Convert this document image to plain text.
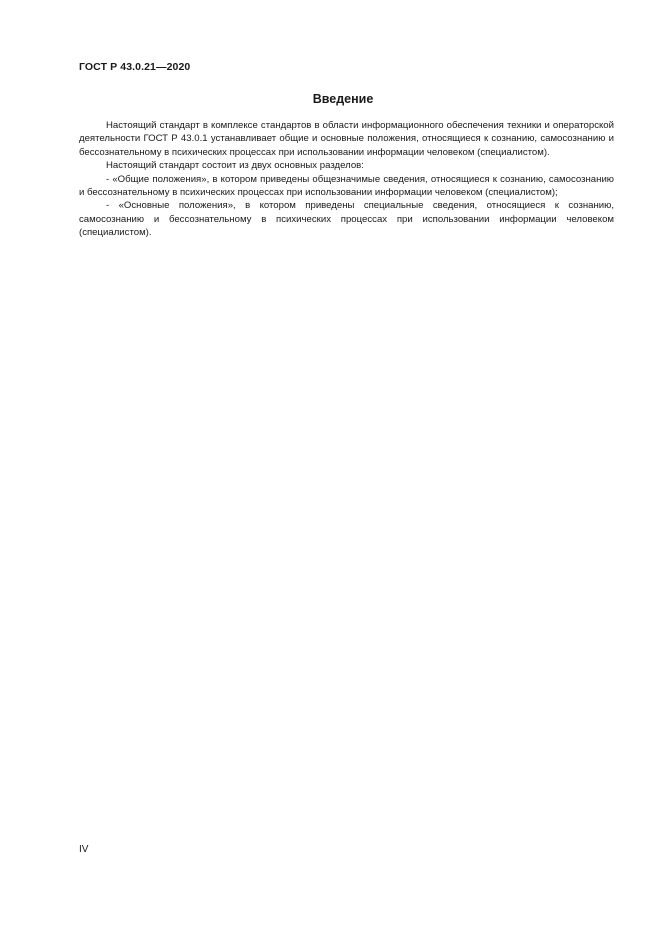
ГОСТ Р 43.0.21—2020
Введение

Настоящий стандарт в комплексе стандартов в области информационного обеспечения техники и операторской деятельности ГОСТ Р 43.0.1 устанавливает общие и основные положения, относящиеся к сознанию, самосознанию и бессознательному в психических процессах при использовании информации человеком (специалистом).

Настоящий стандарт состоит из двух основных разделов:

- «Общие положения», в котором приведены общезначимые сведения, относящиеся к сознанию, самосознанию и бессознательному в психических процессах при использовании информации человеком (специалистом);

- «Основные положения», в котором приведены специальные сведения, относящиеся к сознанию, самосознанию и бессознательному в психических процессах при использовании информации человеком (специалистом).

IV
